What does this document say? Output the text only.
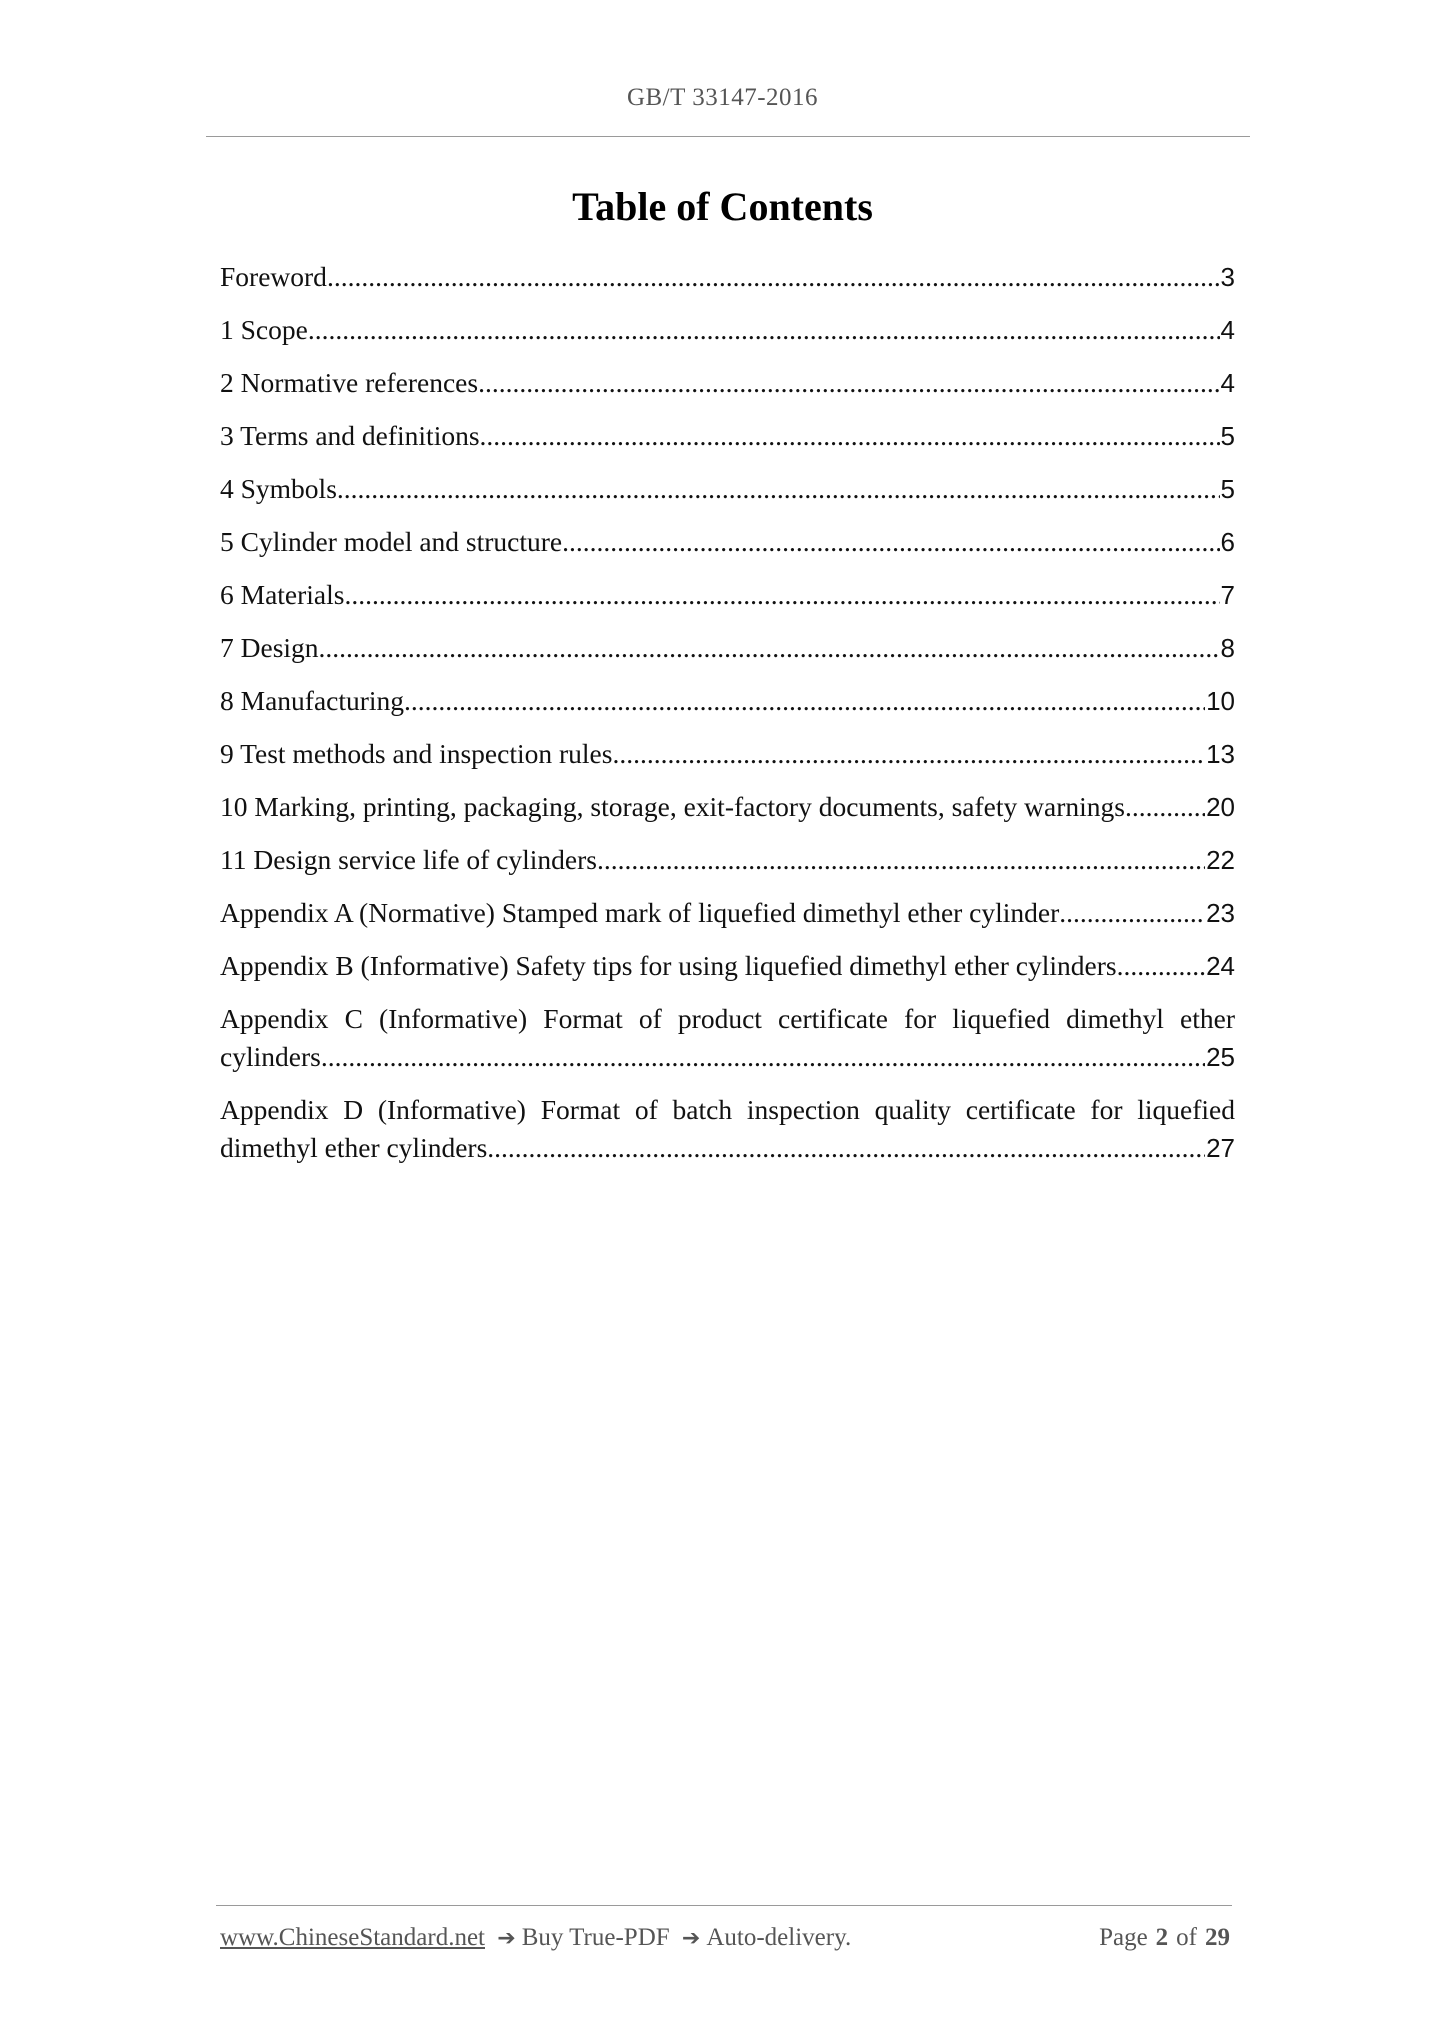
GB/T 33147-2016
Table of Contents
Foreword .....	3
1 Scope .....	4
2 Normative references .....	4
3 Terms and definitions .....	5
4 Symbols .....	5
5 Cylinder model and structure .....	6
6 Materials .....	7
7 Design .....	8
8 Manufacturing .....	10
9 Test methods and inspection rules .....	13
10 Marking, printing, packaging, storage, exit-factory documents, safety warnings .....	20
11 Design service life of cylinders .....	22
Appendix A (Normative) Stamped mark of liquefied dimethyl ether cylinder .....	23
Appendix B (Informative) Safety tips for using liquefied dimethyl ether cylinders .....	24
Appendix C (Informative) Format of product certificate for liquefied dimethyl ether
cylinders .....	25
Appendix D (Informative) Format of batch inspection quality certificate for liquefied
dimethyl ether cylinders .....	27
www.ChineseStandard.net ➔ Buy True-PDF ➔ Auto-delivery.	Page 2 of 29
